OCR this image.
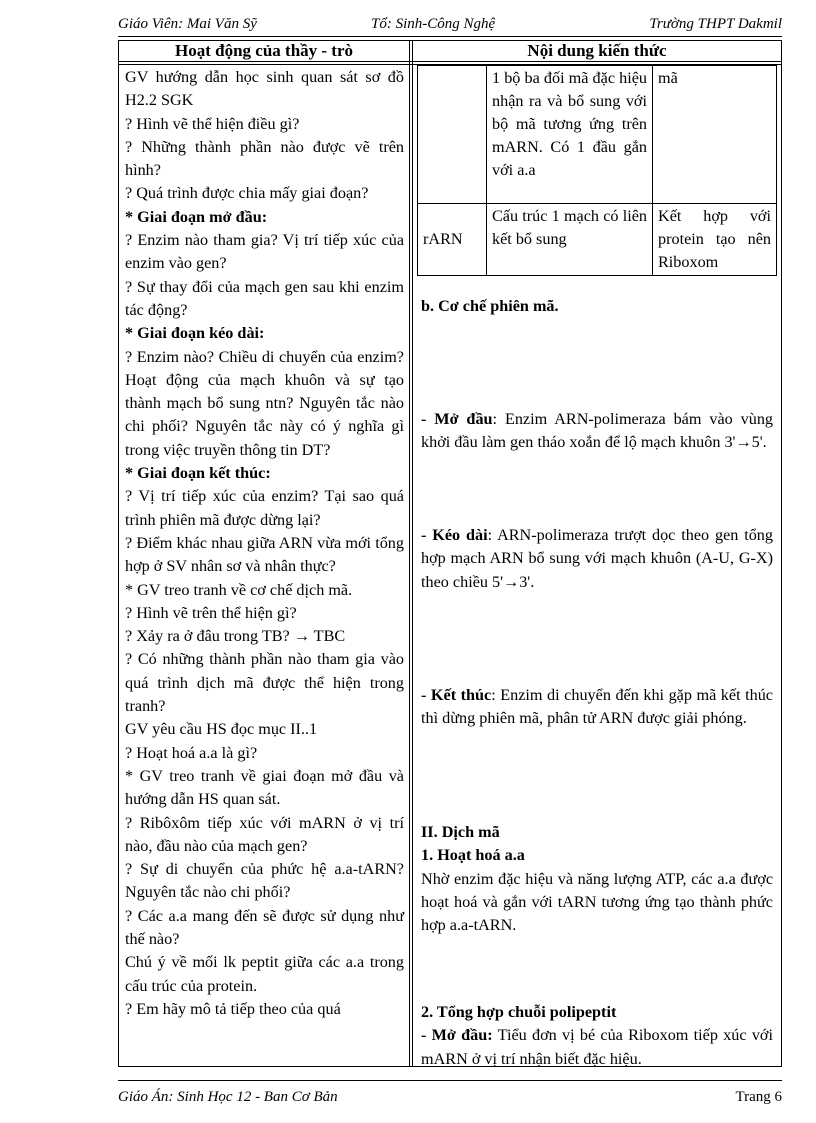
Giáo Viên: Mai Văn Sỹ	Tổ: Sinh-Công Nghệ	Trường THPT Dakmil
Hoạt động của thầy - trò	Nội dung kiến thức
GV hướng dẫn học sinh quan sát sơ đồ H2.2 SGK
? Hình vẽ thể hiện điều gì?
? Những thành phần nào được vẽ trên hình?
? Quá trình được chia mấy giai đoạn?
* Giai đoạn mở đầu:
? Enzim nào tham gia? Vị trí tiếp xúc của enzim vào gen?
? Sự thay đổi của mạch gen sau khi enzim tác động?
* Giai đoạn kéo dài:
? Enzim nào? Chiều di chuyển của enzim? Hoạt động của mạch khuôn và sự tạo thành mạch bổ sung ntn? Nguyên tắc nào chi phối? Nguyên tắc này có ý nghĩa gì trong việc truyền thông tin DT?
* Giai đoạn kết thúc:
? Vị trí tiếp xúc của enzim? Tại sao quá trình phiên mã được dừng lại?
? Điểm khác nhau giữa ARN vừa mới tổng hợp ở SV nhân sơ và nhân thực?
* GV treo tranh về cơ chế dịch mã.
? Hình vẽ trên thể hiện gì?
? Xảy ra ở đâu trong TB? → TBC
? Có những thành phần nào tham gia vào quá trình dịch mã được thể hiện trong tranh?
GV yêu cầu HS đọc mục II..1
? Hoạt hoá a.a là gì?
* GV treo tranh về giai đoạn mở đầu và hướng dẫn HS quan sát.
? Ribôxôm tiếp xúc với mARN ở vị trí nào, đầu nào của mạch gen?
? Sự di chuyển của phức hệ a.a-tARN? Nguyên tắc nào chi phối?
? Các a.a mang đến sẽ được sử dụng như thế nào?
Chú ý về mối lk peptit giữa các a.a trong cấu trúc của protein.
? Em hãy mô tả tiếp theo của quá
	1 bộ ba đối mã đặc hiệu nhận ra và bổ sung với bộ mã tương ứng trên mARN. Có 1 đầu gắn với a.a	mã
rARN	Cấu trúc 1 mạch có liên kết bổ sung	Kết hợp với protein tạo nên Riboxom
b. Cơ chế phiên mã.
- Mở đầu: Enzim ARN-polimeraza bám vào vùng khởi đầu làm gen tháo xoắn để lộ mạch khuôn 3'→5'.
- Kéo dài: ARN-polimeraza trượt dọc theo gen tổng hợp mạch ARN bổ sung với mạch khuôn (A-U, G-X) theo chiều 5'→3'.
- Kết thúc: Enzim di chuyển đến khi gặp mã kết thúc thì dừng phiên mã, phân tử ARN được giải phóng.
II. Dịch mã
1. Hoạt hoá a.a
Nhờ enzim đặc hiệu và năng lượng ATP, các a.a được hoạt hoá và gắn với tARN tương ứng tạo thành phức hợp a.a-tARN.
2. Tổng hợp chuỗi polipeptit
- Mở đầu: Tiểu đơn vị bé của Riboxom tiếp xúc với mARN ở vị trí nhận biết đặc hiệu.
Giáo Án: Sinh Học 12 - Ban Cơ Bản	Trang 6
